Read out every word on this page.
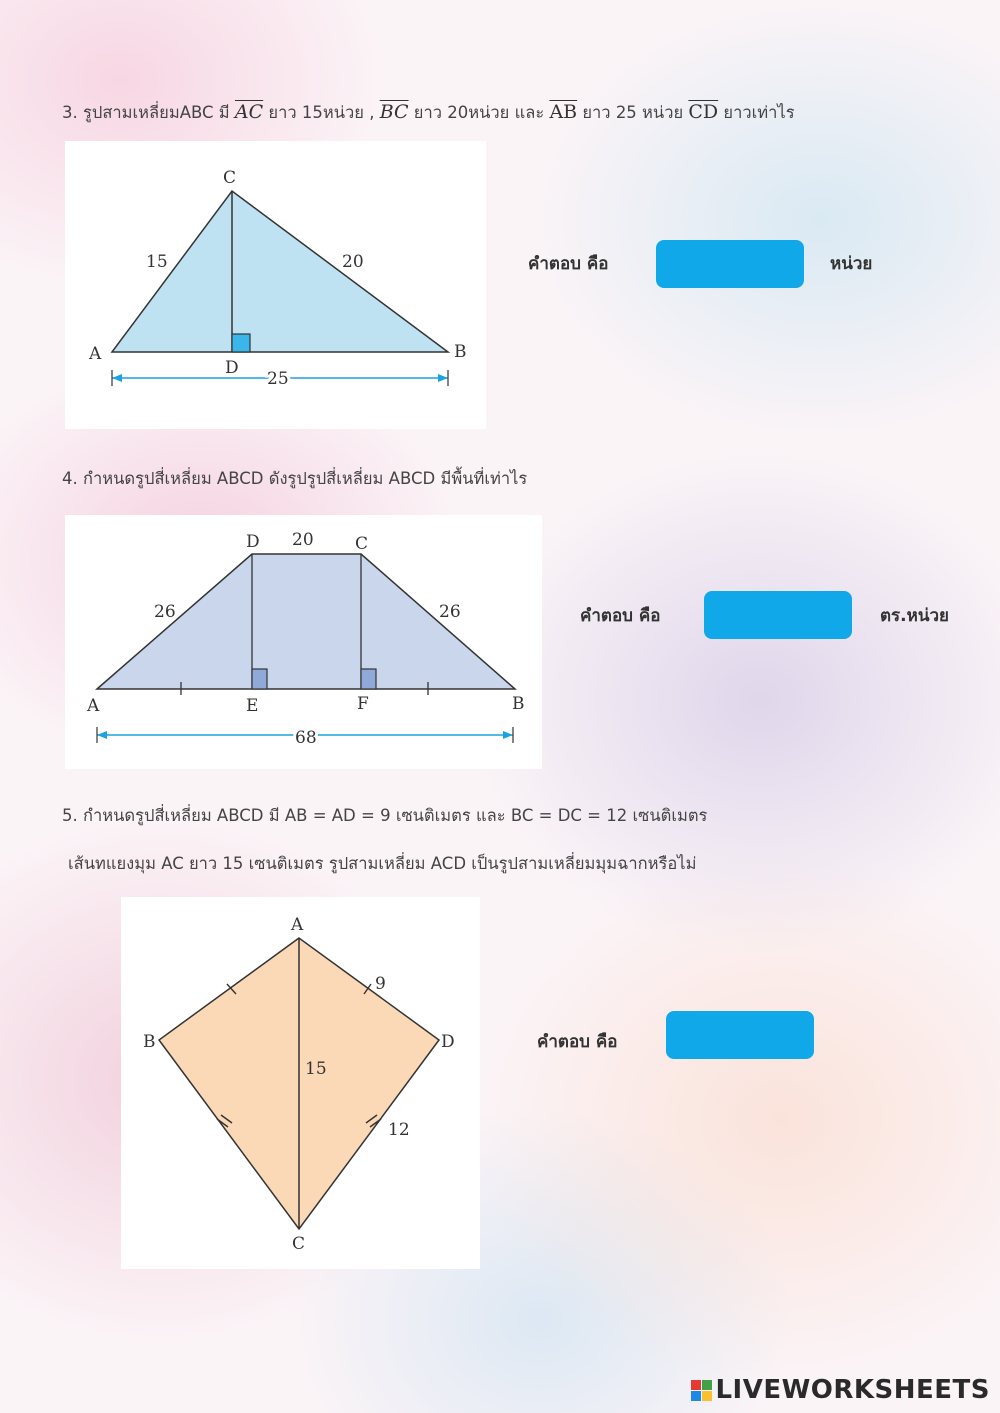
3. รูปสามเหลี่ยมABC มี $\overline{AC}$ ยาว 15หน่วย , $\overline{BC}$ ยาว 20หน่วย และ $\overline{AB}$ ยาว 25 หน่วย $\overline{CD}$ ยาวเท่าไร
C
A	B
D
15	20
25
คำตอบ คือ	หน่วย
4. กำหนดรูปสี่เหลี่ยม ABCD ดังรูปรูปสี่เหลี่ยม ABCD มีพื้นที่เท่าไร
D	C
A	B
E	F
20
26	26
68
คำตอบ คือ	ตร.หน่วย
5. กำหนดรูปสี่เหลี่ยม ABCD มี AB = AD = 9 เซนติเมตร และ BC = DC = 12 เซนติเมตร
เส้นทแยงมุม AC ยาว 15 เซนติเมตร รูปสามเหลี่ยม ACD เป็นรูปสามเหลี่ยมมุมฉากหรือไม่
A
B
C
D
9
15
12
คำตอบ คือ
LIVEWORKSHEETS
